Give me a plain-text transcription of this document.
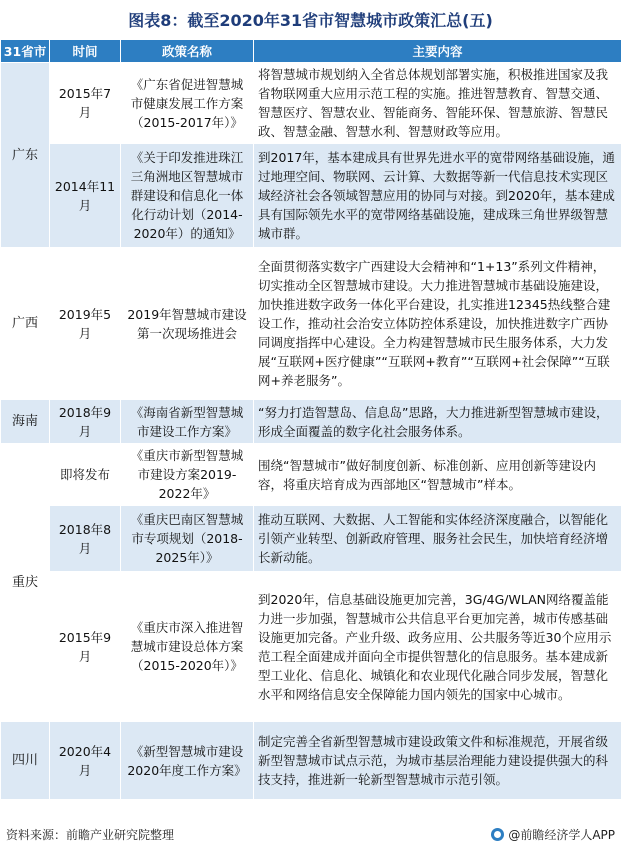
图表8：截至2020年31省市智慧城市政策汇总(五)
31省市	时间	政策名称	主要内容
广东	2015年7月	《广东省促进智慧城市健康发展工作方案（2015-2017年）》	将智慧城市规划纳入全省总体规划部署实施，积极推进国家及我省物联网重大应用示范工程的实施。推进智慧教育、智慧交通、智慧医疗、智慧农业、智能商务、智能环保、智慧旅游、智慧民政、智慧金融、智慧水利、智慧财政等应用。
	2014年11月	《关于印发推进珠江三角洲地区智慧城市群建设和信息化一体化行动计划（2014-2020年）的通知》	到2017年，基本建成具有世界先进水平的宽带网络基础设施，通过地理空间、物联网、云计算、大数据等新一代信息技术实现区域经济社会各领域智慧应用的协同与对接。到2020年，基本建成具有国际领先水平的宽带网络基础设施，建成珠三角世界级智慧城市群。
广西	2019年5月	2019年智慧城市建设第一次现场推进会	全面贯彻落实数字广西建设大会精神和“1+13”系列文件精神，切实推动全区智慧城市建设。大力推进智慧城市基础设施建设，加快推进数字政务一体化平台建设，扎实推进12345热线整合建设工作，推动社会治安立体防控体系建设，加快推进数字广西协同调度指挥中心建设。全力构建智慧城市民生服务体系，大力发展“互联网+医疗健康”“互联网+教育”“互联网+社会保障”“互联网+养老服务”。
海南	2018年9月	《海南省新型智慧城市建设工作方案》	“努力打造智慧岛、信息岛”思路，大力推进新型智慧城市建设，形成全面覆盖的数字化社会服务体系。
重庆	即将发布	《重庆市新型智慧城市建设方案2019-2022年》	围绕“智慧城市”做好制度创新、标准创新、应用创新等建设内容，将重庆培育成为西部地区“智慧城市”样本。
	2018年8月	《重庆巴南区智慧城市专项规划（2018-2025年）》	推动互联网、大数据、人工智能和实体经济深度融合，以智能化引领产业转型、创新政府管理、服务社会民生，加快培育经济增长新动能。
	2015年9月	《重庆市深入推进智慧城市建设总体方案（2015-2020年）》	到2020年，信息基础设施更加完善，3G/4G/WLAN网络覆盖能力进一步加强，智慧城市公共信息平台更加完善，城市传感基础设施更加完备。产业升级、政务应用、公共服务等近30个应用示范工程全面建成并面向全市提供智慧化的信息服务。基本建成新型工业化、信息化、城镇化和农业现代化融合同步发展，智慧化水平和网络信息安全保障能力国内领先的国家中心城市。
四川	2020年4月	《新型智慧城市建设2020年度工作方案》	制定完善全省新型智慧城市建设政策文件和标准规范，开展省级新型智慧城市试点示范，为城市基层治理能力建设提供强大的科技支持，推进新一轮新型智慧城市示范引领。
资料来源：前瞻产业研究院整理	@前瞻经济学人APP
